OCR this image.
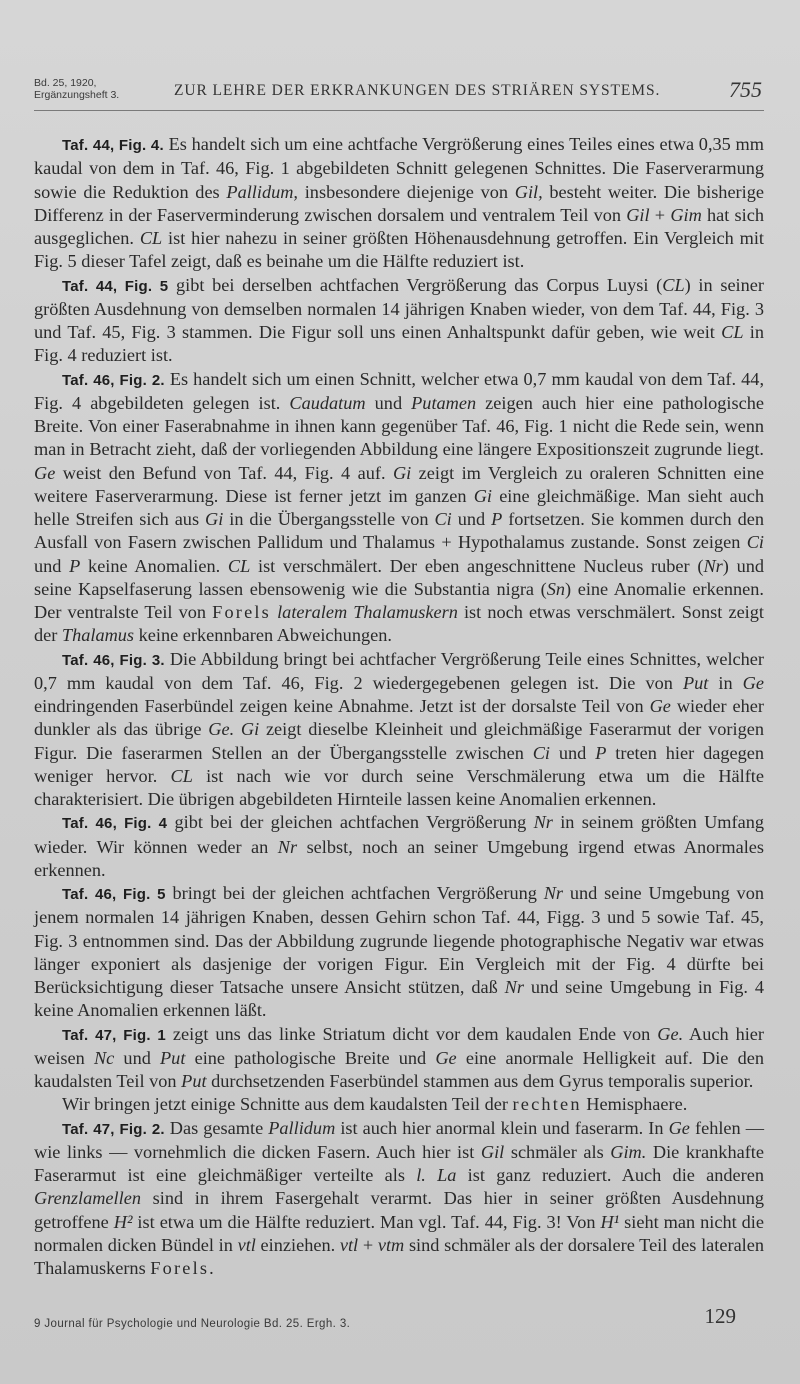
Bd. 25, 1920,
Ergänzungsheft 3.	ZUR LEHRE DER ERKRANKUNGEN DES STRIÄREN SYSTEMS.	755

Taf. 44, Fig. 4. Es handelt sich um eine achtfache Vergrößerung eines Teiles eines etwa 0,35 mm kaudal von dem in Taf. 46, Fig. 1 abgebildeten Schnitt gelegenen Schnittes. Die Faserverarmung sowie die Reduktion des Pallidum, insbesondere diejenige von Gil, besteht weiter. Die bisherige Differenz in der Faserverminderung zwischen dorsalem und ventralem Teil von Gil + Gim hat sich ausgeglichen. CL ist hier nahezu in seiner größten Höhenausdehnung getroffen. Ein Vergleich mit Fig. 5 dieser Tafel zeigt, daß es beinahe um die Hälfte reduziert ist.

Taf. 44, Fig. 5 gibt bei derselben achtfachen Vergrößerung das Corpus Luysi (CL) in seiner größten Ausdehnung von demselben normalen 14 jährigen Knaben wieder, von dem Taf. 44, Fig. 3 und Taf. 45, Fig. 3 stammen. Die Figur soll uns einen Anhaltspunkt dafür geben, wie weit CL in Fig. 4 reduziert ist.

Taf. 46, Fig. 2. Es handelt sich um einen Schnitt, welcher etwa 0,7 mm kaudal von dem Taf. 44, Fig. 4 abgebildeten gelegen ist. Caudatum und Putamen zeigen auch hier eine pathologische Breite. Von einer Faserabnahme in ihnen kann gegenüber Taf. 46, Fig. 1 nicht die Rede sein, wenn man in Betracht zieht, daß der vorliegenden Abbildung eine längere Expositionszeit zugrunde liegt. Ge weist den Befund von Taf. 44, Fig. 4 auf. Gi zeigt im Vergleich zu oraleren Schnitten eine weitere Faserverarmung. Diese ist ferner jetzt im ganzen Gi eine gleichmäßige. Man sieht auch helle Streifen sich aus Gi in die Übergangsstelle von Ci und P fortsetzen. Sie kommen durch den Ausfall von Fasern zwischen Pallidum und Thalamus + Hypothalamus zustande. Sonst zeigen Ci und P keine Anomalien. CL ist verschmälert. Der eben angeschnittene Nucleus ruber (Nr) und seine Kapselfaserung lassen ebensowenig wie die Substantia nigra (Sn) eine Anomalie erkennen. Der ventralste Teil von Forels lateralem Thalamuskern ist noch etwas verschmälert. Sonst zeigt der Thalamus keine erkennbaren Abweichungen.

Taf. 46, Fig. 3. Die Abbildung bringt bei achtfacher Vergrößerung Teile eines Schnittes, welcher 0,7 mm kaudal von dem Taf. 46, Fig. 2 wiedergegebenen gelegen ist. Die von Put in Ge eindringenden Faserbündel zeigen keine Abnahme. Jetzt ist der dorsalste Teil von Ge wieder eher dunkler als das übrige Ge. Gi zeigt dieselbe Kleinheit und gleichmäßige Faserarmut der vorigen Figur. Die faserarmen Stellen an der Übergangsstelle zwischen Ci und P treten hier dagegen weniger hervor. CL ist nach wie vor durch seine Verschmälerung etwa um die Hälfte charakterisiert. Die übrigen abgebildeten Hirnteile lassen keine Anomalien erkennen.

Taf. 46, Fig. 4 gibt bei der gleichen achtfachen Vergrößerung Nr in seinem größten Umfang wieder. Wir können weder an Nr selbst, noch an seiner Umgebung irgend etwas Anormales erkennen.

Taf. 46, Fig. 5 bringt bei der gleichen achtfachen Vergrößerung Nr und seine Umgebung von jenem normalen 14 jährigen Knaben, dessen Gehirn schon Taf. 44, Figg. 3 und 5 sowie Taf. 45, Fig. 3 entnommen sind. Das der Abbildung zugrunde liegende photographische Negativ war etwas länger exponiert als dasjenige der vorigen Figur. Ein Vergleich mit der Fig. 4 dürfte bei Berücksichtigung dieser Tatsache unsere Ansicht stützen, daß Nr und seine Umgebung in Fig. 4 keine Anomalien erkennen läßt.

Taf. 47, Fig. 1 zeigt uns das linke Striatum dicht vor dem kaudalen Ende von Ge. Auch hier weisen Nc und Put eine pathologische Breite und Ge eine anormale Helligkeit auf. Die den kaudalsten Teil von Put durchsetzenden Faserbündel stammen aus dem Gyrus temporalis superior.

Wir bringen jetzt einige Schnitte aus dem kaudalsten Teil der rechten Hemisphaere.

Taf. 47, Fig. 2. Das gesamte Pallidum ist auch hier anormal klein und faserarm. In Ge fehlen — wie links — vornehmlich die dicken Fasern. Auch hier ist Gil schmäler als Gim. Die krankhafte Faserarmut ist eine gleichmäßiger verteilte als l. La ist ganz reduziert. Auch die anderen Grenzlamellen sind in ihrem Fasergehalt verarmt. Das hier in seiner größten Ausdehnung getroffene H² ist etwa um die Hälfte reduziert. Man vgl. Taf. 44, Fig. 3! Von H¹ sieht man nicht die normalen dicken Bündel in vtl einziehen. vtl + vtm sind schmäler als der dorsalere Teil des lateralen Thalamuskerns Forels.

9 Journal für Psychologie und Neurologie Bd. 25. Ergh. 3.	129
